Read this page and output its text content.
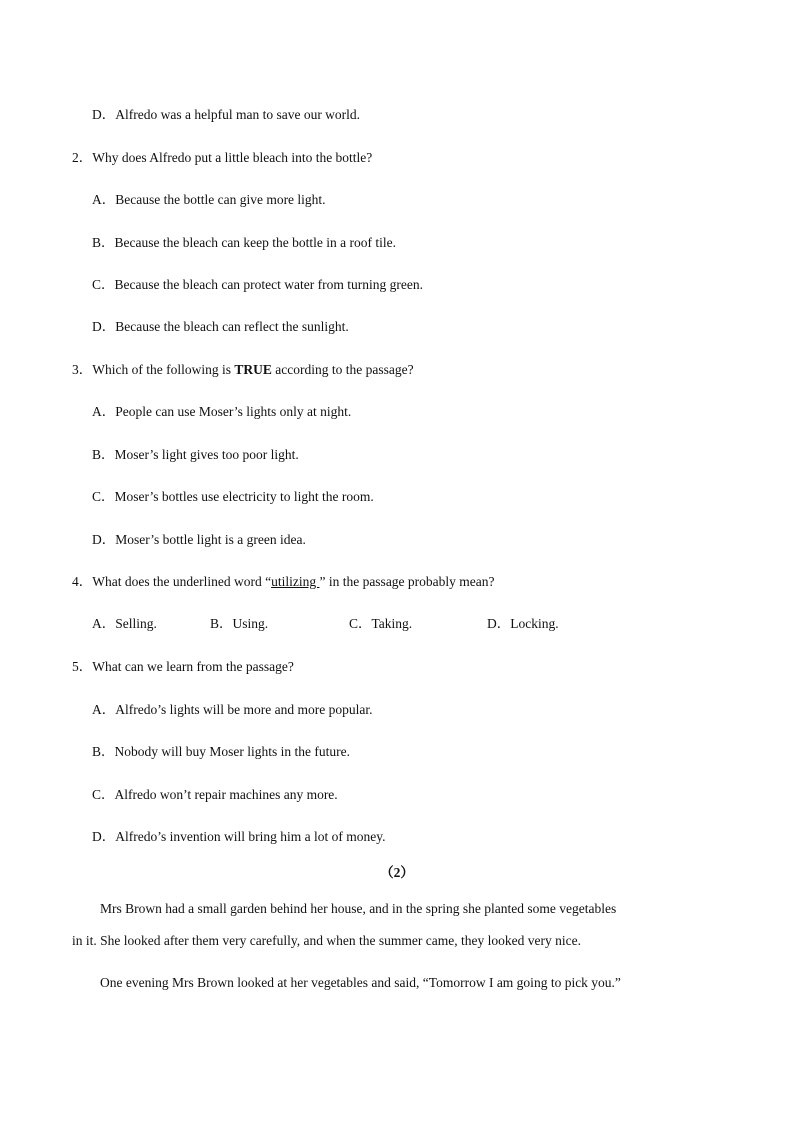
D．Alfredo was a helpful man to save our world.
2．Why does Alfredo put a little bleach into the bottle?
A．Because the bottle can give more light.
B．Because the bleach can keep the bottle in a roof tile.
C．Because the bleach can protect water from turning green.
D．Because the bleach can reflect the sunlight.
3．Which of the following is TRUE according to the passage?
A．People can use Moser’s lights only at night.
B．Moser’s light gives too poor light.
C．Moser’s bottles use electricity to light the room.
D．Moser’s bottle light is a green idea.
4．What does the underlined word “utilizing ” in the passage probably mean?
A．Selling.	B．Using.	C．Taking.	D．Locking.
5．What can we learn from the passage?
A．Alfredo’s lights will be more and more popular.
B．Nobody will buy Moser lights in the future.
C．Alfredo won’t repair machines any more.
D．Alfredo’s invention will bring him a lot of money.
（2）
Mrs Brown had a small garden behind her house, and in the spring she planted some vegetables
in it. She looked after them very carefully, and when the summer came, they looked very nice.
One evening Mrs Brown looked at her vegetables and said, “Tomorrow I am going to pick you.”
